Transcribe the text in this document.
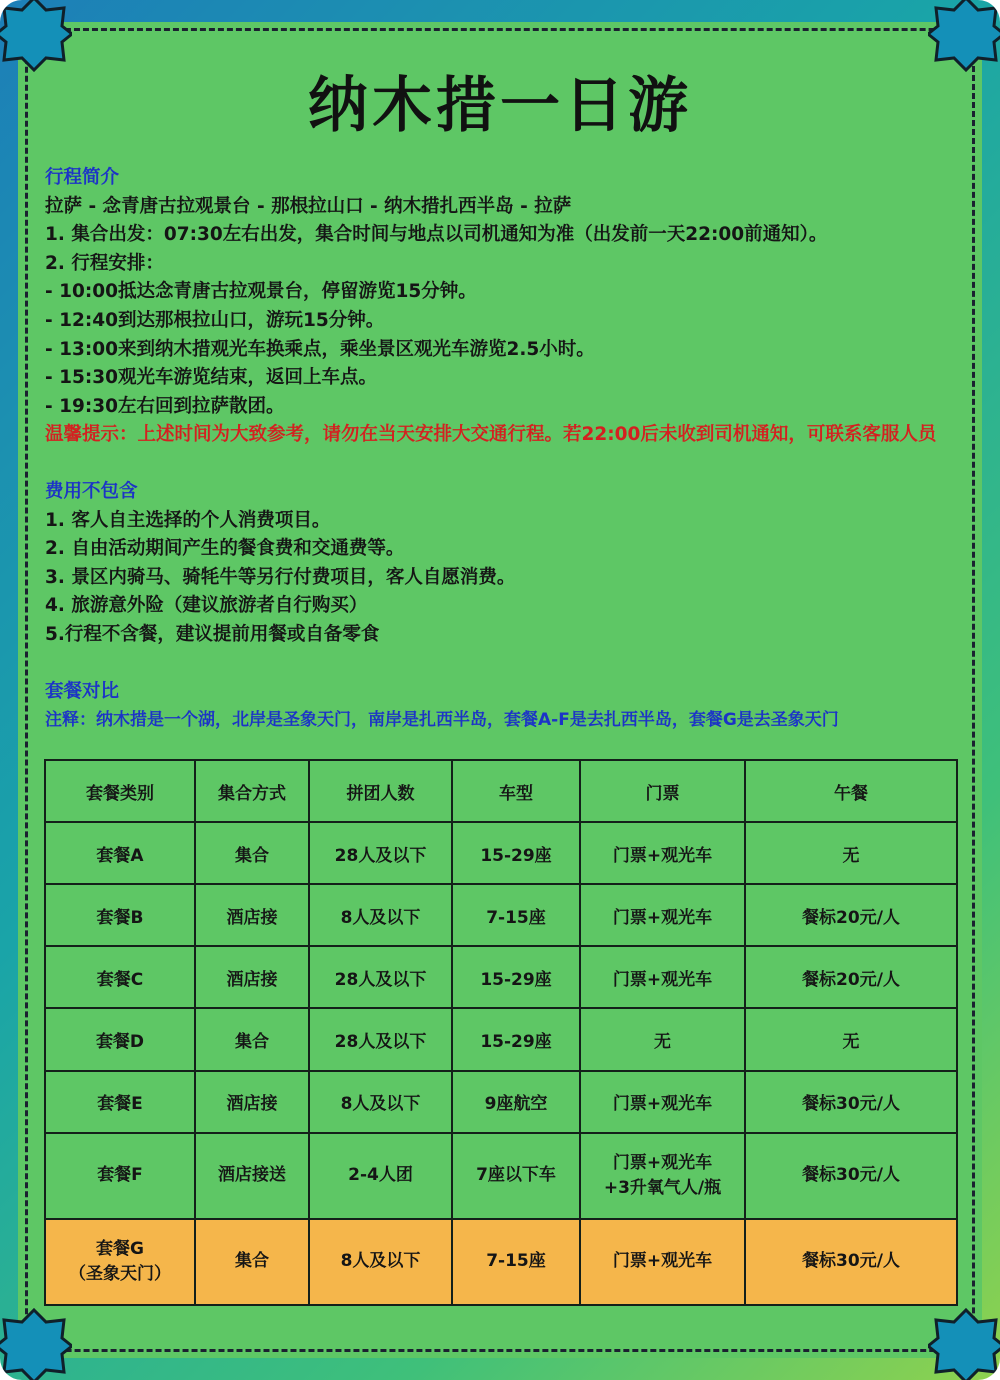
纳木措一日游
行程简介
拉萨 - 念青唐古拉观景台 - 那根拉山口 - 纳木措扎西半岛 - 拉萨
1. 集合出发：07:30左右出发，集合时间与地点以司机通知为准（出发前一天22:00前通知）。
2. 行程安排：
- 10:00抵达念青唐古拉观景台，停留游览15分钟。
- 12:40到达那根拉山口，游玩15分钟。
- 13:00来到纳木措观光车换乘点，乘坐景区观光车游览2.5小时。
- 15:30观光车游览结束，返回上车点。
- 19:30左右回到拉萨散团。
温馨提示：上述时间为大致参考，请勿在当天安排大交通行程。若22:00后未收到司机通知，可联系客服人员
费用不包含
1. 客人自主选择的个人消费项目。
2. 自由活动期间产生的餐食费和交通费等。
3. 景区内骑马、骑牦牛等另行付费项目，客人自愿消费。
4. 旅游意外险（建议旅游者自行购买）
5.行程不含餐，建议提前用餐或自备零食
套餐对比
注释：纳木措是一个湖，北岸是圣象天门，南岸是扎西半岛，套餐A-F是去扎西半岛，套餐G是去圣象天门
套餐类别	集合方式	拼团人数	车型	门票	午餐
套餐A	集合	28人及以下	15-29座	门票+观光车	无
套餐B	酒店接	8人及以下	7-15座	门票+观光车	餐标20元/人
套餐C	酒店接	28人及以下	15-29座	门票+观光车	餐标20元/人
套餐D	集合	28人及以下	15-29座	无	无
套餐E	酒店接	8人及以下	9座航空	门票+观光车	餐标30元/人
套餐F	酒店接送	2-4人团	7座以下车	门票+观光车
+3升氧气人/瓶	餐标30元/人
套餐G
（圣象天门）	集合	8人及以下	7-15座	门票+观光车	餐标30元/人
